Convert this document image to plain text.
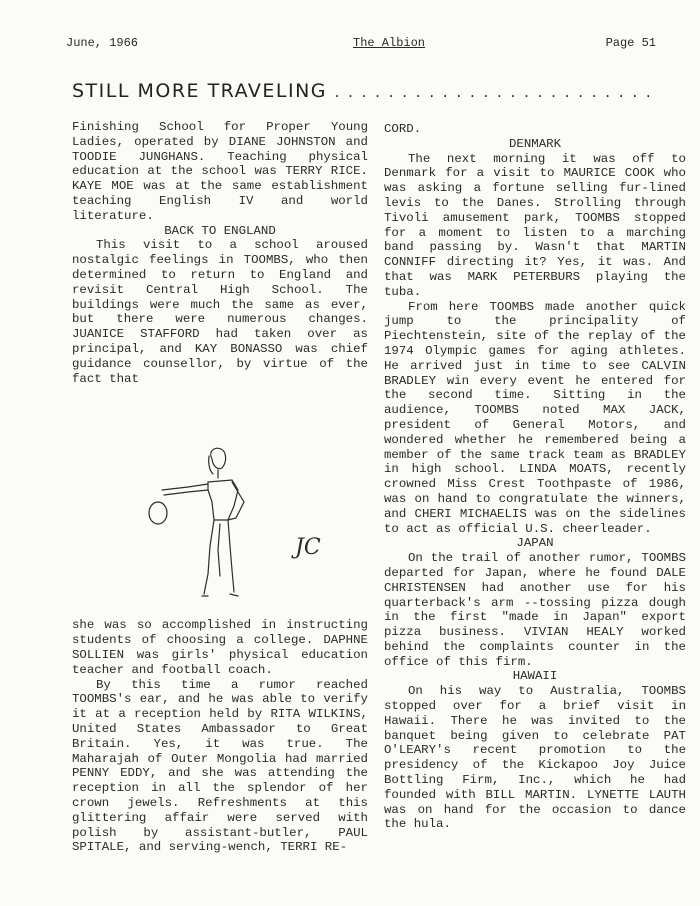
June, 1966	The Albion	Page 51
STILL MORE TRAVELING . . . . . . . . . . . . . . . . . . . . . . . .

Finishing School for Proper Young Ladies, operated by DIANE JOHNSTON and TOODIE JUNGHANS. Teaching physical education at the school was TERRY RICE. KAYE MOE was at the same establishment teaching English IV and world literature.

BACK TO ENGLAND

This visit to a school aroused nostalgic feelings in TOOMBS, who then determined to return to England and revisit Central High School. The buildings were much the same as ever, but there were numerous changes. JUANICE STAFFORD had taken over as principal, and KAY BONASSO was chief guidance counsellor, by virtue of the fact that

JC

she was so accomplished in instructing students of choosing a college. DAPHNE SOLLIEN was girls' physical education teacher and football coach.

By this time a rumor reached TOOMBS's ear, and he was able to verify it at a reception held by RITA WILKINS, United States Ambassador to Great Britain. Yes, it was true. The Maharajah of Outer Mongolia had married PENNY EDDY, and she was attending the reception in all the splendor of her crown jewels. Refreshments at this glittering affair were served with polish by assistant-butler, PAUL SPITALE, and serving-wench, TERRI RE-

CORD.

DENMARK

The next morning it was off to Denmark for a visit to MAURICE COOK who was asking a fortune selling fur-lined levis to the Danes. Strolling through Tivoli amusement park, TOOMBS stopped for a moment to listen to a marching band passing by. Wasn't that MARTIN CONNIFF directing it? Yes, it was. And that was MARK PETERBURS playing the tuba.

From here TOOMBS made another quick jump to the principality of Piechtenstein, site of the replay of the 1974 Olympic games for aging athletes. He arrived just in time to see CALVIN BRADLEY win every event he entered for the second time. Sitting in the audience, TOOMBS noted MAX JACK, president of General Motors, and wondered whether he remembered being a member of the same track team as BRADLEY in high school. LINDA MOATS, recently crowned Miss Crest Toothpaste of 1986, was on hand to congratulate the winners, and CHERI MICHAELIS was on the sidelines to act as official U.S. cheerleader.

JAPAN

On the trail of another rumor, TOOMBS departed for Japan, where he found DALE CHRISTENSEN had another use for his quarterback's arm --tossing pizza dough in the first "made in Japan" export pizza business. VIVIAN HEALY worked behind the complaints counter in the office of this firm.

HAWAII

On his way to Australia, TOOMBS stopped over for a brief visit in Hawaii. There he was invited to the banquet being given to celebrate PAT O'LEARY's recent promotion to the presidency of the Kickapoo Joy Juice Bottling Firm, Inc., which he had founded with BILL MARTIN. LYNETTE LAUTH was on hand for the occasion to dance the hula.
